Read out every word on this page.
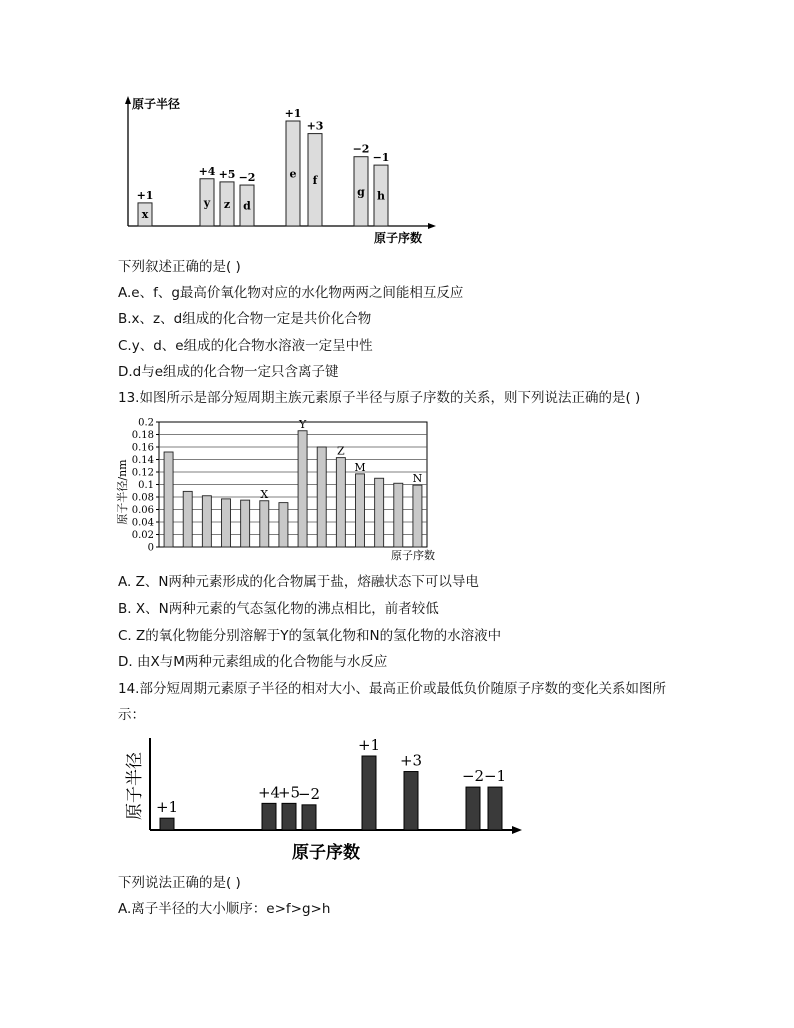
原子半径
原子序数
+1
x
+4
y
+5
z
−2
d
+1
e
+3
f
−2
g
−1
h
下列叙述正确的是( )
A.e、f、g最高价氧化物对应的水化物两两之间能相互反应
B.x、z、d组成的化合物一定是共价化合物
C.y、d、e组成的化合物水溶液一定呈中性
D.d与e组成的化合物一定只含离子键
13.如图所示是部分短周期主族元素原子半径与原子序数的关系，则下列说法正确的是( )
原子半径/nm
0
0.02
0.04
0.06
0.08
0.1
0.12
0.14
0.16
0.18
0.2
X
Y
Z
M
N
原子序数
A. Z、N两种元素形成的化合物属于盐，熔融状态下可以导电
B. X、N两种元素的气态氢化物的沸点相比，前者较低
C. Z的氧化物能分别溶解于Y的氢氧化物和N的氢化物的水溶液中
D. 由X与M两种元素组成的化合物能与水反应
14.部分短周期元素原子半径的相对大小、最高正价或最低负价随原子序数的变化关系如图所
示：
原子半径
原子序数
+1
+4
+5
−2
+1
+3
−2 −1
下列说法正确的是( )
A.离子半径的大小顺序：e>f>g>h
